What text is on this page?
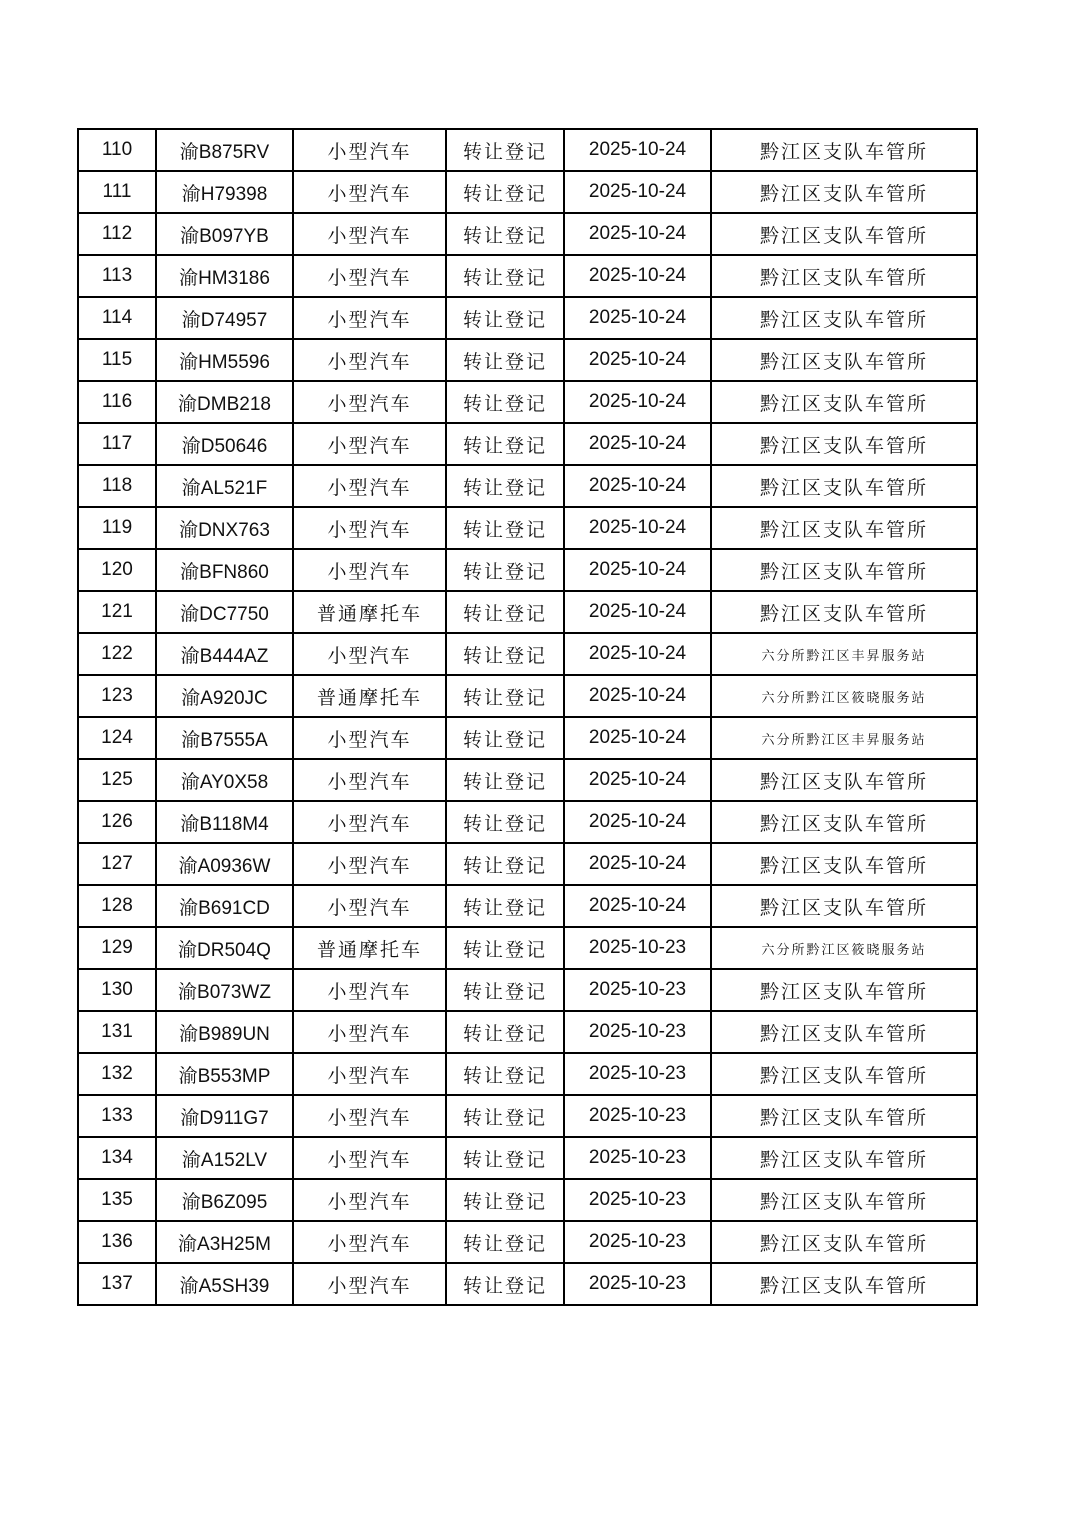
110	渝B875RV	小型汽车	转让登记	2025-10-24	黔江区支队车管所
111	渝H79398	小型汽车	转让登记	2025-10-24	黔江区支队车管所
112	渝B097YB	小型汽车	转让登记	2025-10-24	黔江区支队车管所
113	渝HM3186	小型汽车	转让登记	2025-10-24	黔江区支队车管所
114	渝D74957	小型汽车	转让登记	2025-10-24	黔江区支队车管所
115	渝HM5596	小型汽车	转让登记	2025-10-24	黔江区支队车管所
116	渝DMB218	小型汽车	转让登记	2025-10-24	黔江区支队车管所
117	渝D50646	小型汽车	转让登记	2025-10-24	黔江区支队车管所
118	渝AL521F	小型汽车	转让登记	2025-10-24	黔江区支队车管所
119	渝DNX763	小型汽车	转让登记	2025-10-24	黔江区支队车管所
120	渝BFN860	小型汽车	转让登记	2025-10-24	黔江区支队车管所
121	渝DC7750	普通摩托车	转让登记	2025-10-24	黔江区支队车管所
122	渝B444AZ	小型汽车	转让登记	2025-10-24	六分所黔江区丰昇服务站
123	渝A920JC	普通摩托车	转让登记	2025-10-24	六分所黔江区筱晓服务站
124	渝B7555A	小型汽车	转让登记	2025-10-24	六分所黔江区丰昇服务站
125	渝AY0X58	小型汽车	转让登记	2025-10-24	黔江区支队车管所
126	渝B118M4	小型汽车	转让登记	2025-10-24	黔江区支队车管所
127	渝A0936W	小型汽车	转让登记	2025-10-24	黔江区支队车管所
128	渝B691CD	小型汽车	转让登记	2025-10-24	黔江区支队车管所
129	渝DR504Q	普通摩托车	转让登记	2025-10-23	六分所黔江区筱晓服务站
130	渝B073WZ	小型汽车	转让登记	2025-10-23	黔江区支队车管所
131	渝B989UN	小型汽车	转让登记	2025-10-23	黔江区支队车管所
132	渝B553MP	小型汽车	转让登记	2025-10-23	黔江区支队车管所
133	渝D911G7	小型汽车	转让登记	2025-10-23	黔江区支队车管所
134	渝A152LV	小型汽车	转让登记	2025-10-23	黔江区支队车管所
135	渝B6Z095	小型汽车	转让登记	2025-10-23	黔江区支队车管所
136	渝A3H25M	小型汽车	转让登记	2025-10-23	黔江区支队车管所
137	渝A5SH39	小型汽车	转让登记	2025-10-23	黔江区支队车管所
